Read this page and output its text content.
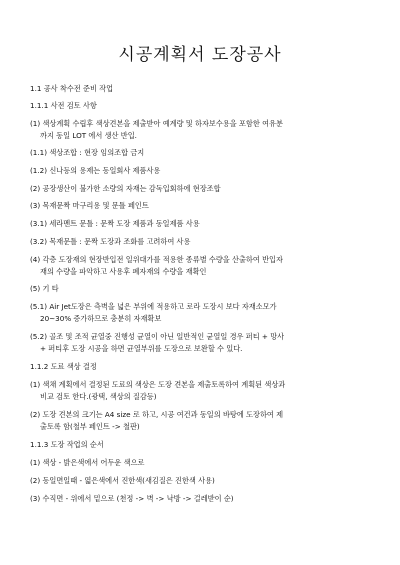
시공계획서 도장공사
1.1 공사 착수전 준비 작업
1.1.1 사전 검토 사항
(1) 색상계획 수립후 색상견본을 제출받아 예계량 및 하자보수용을 포함한 여유분
까지 동일 LOT 에서 생산 반입.
(1.1) 색상조합 : 현장 임의조합 금지
(1.2) 신나등의 용제는 동일회사 제품사용
(2) 공장생산이 불가한 소량의 자재는 감독입회하에 현장조합
(3) 목재문짝 마구리용 및 문틀 페인트
(3.1) 세라멘트 문틀 : 문짝 도장 제품과 동일제품 사용
(3.2) 목재문틀 : 문짝 도장과 조화를 고려하여 사용
(4) 각층 도장재의 현장반입전 일위대가를 적용한 종류별 수량을 산출하여 반입자
재의 수량을 파악하고 사용후 폐자재의 수량을 재확인
(5) 기 타
(5.1) Air Jet도장은 측벽을 넓은 부위에 적용하고 로라 도장시 보다 자재소모가
20~30% 증가하므로 충분히 자재확보
(5.2) 골조 및 조적 균열중 진행성 균열이 아닌 일반적인 균열일 경우 퍼티 + 망사
+ 퍼티후 도장 시공을 하면 균열부위를 도장으로 보완할 수 있다.
1.1.2 도료 색상 결정
(1) 색채 계획에서 결정된 도료의 색상은 도장 견본을 제출토록하여 계획된 색상과
비교 검토 한다.(광택, 색상의 질감등)
(2) 도장 견본의 크기는 A4 size 로 하고, 시공 여건과 동일의 바탕에 도장하여 제
출토록 함(철부 페인트 -> 철판)
1.1.3 도장 작업의 순서
(1) 색상 - 밝은색에서 어두운 색으로
(2) 동일면일때 - 엷은색에서 진한색(새김질은 진한색 사용)
(3) 수직면 - 위에서 밑으로 (천정 -> 벽 -> 낙방 -> 걸레받이 순)
